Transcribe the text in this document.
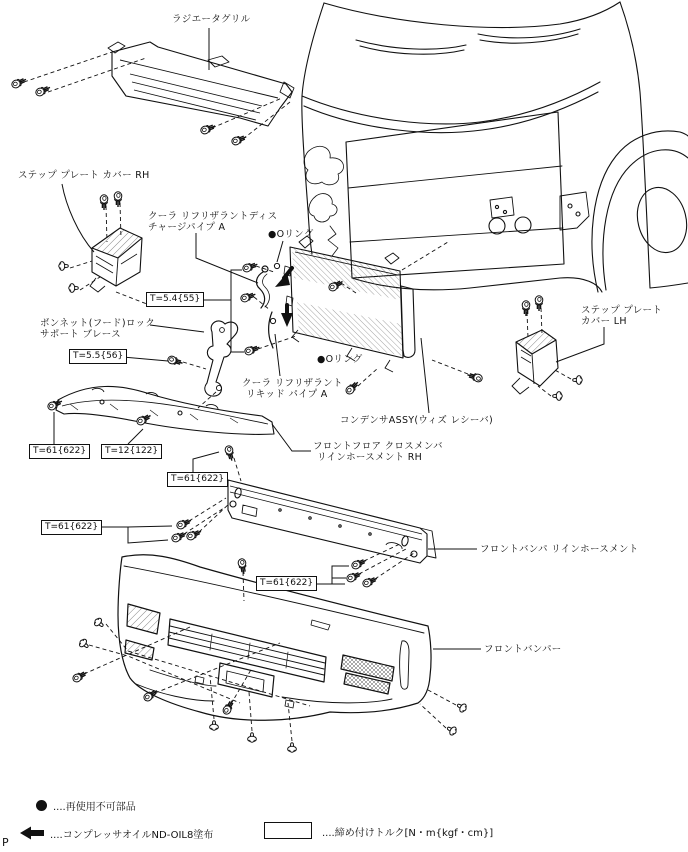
ラジエータグリル
ステップ プレート カバー RH
クーラ リフリザラントディス
チャージパイプ A
●Oリング
ボンネット(フード)ロック
サポート ブレース
クーラ リフリザラント
リキッド パイプ A
●Oリング
コンデンサASSY(ウィズ レシーバ)
フロントフロア クロスメンバ
リインホースメント RH
ステップ プレート
カバー LH
フロントバンパ リインホースメント
フロントバンパー
T=5.4{55}
T=5.5{56}
T=61{622}	T=12{122}
T=61{622}
T=61{622}
T=61{622}
....再使用不可部品
....コンプレッサオイルND-OIL8塗布	....締め付けトルク[N・m{kgf・cm}]
P
